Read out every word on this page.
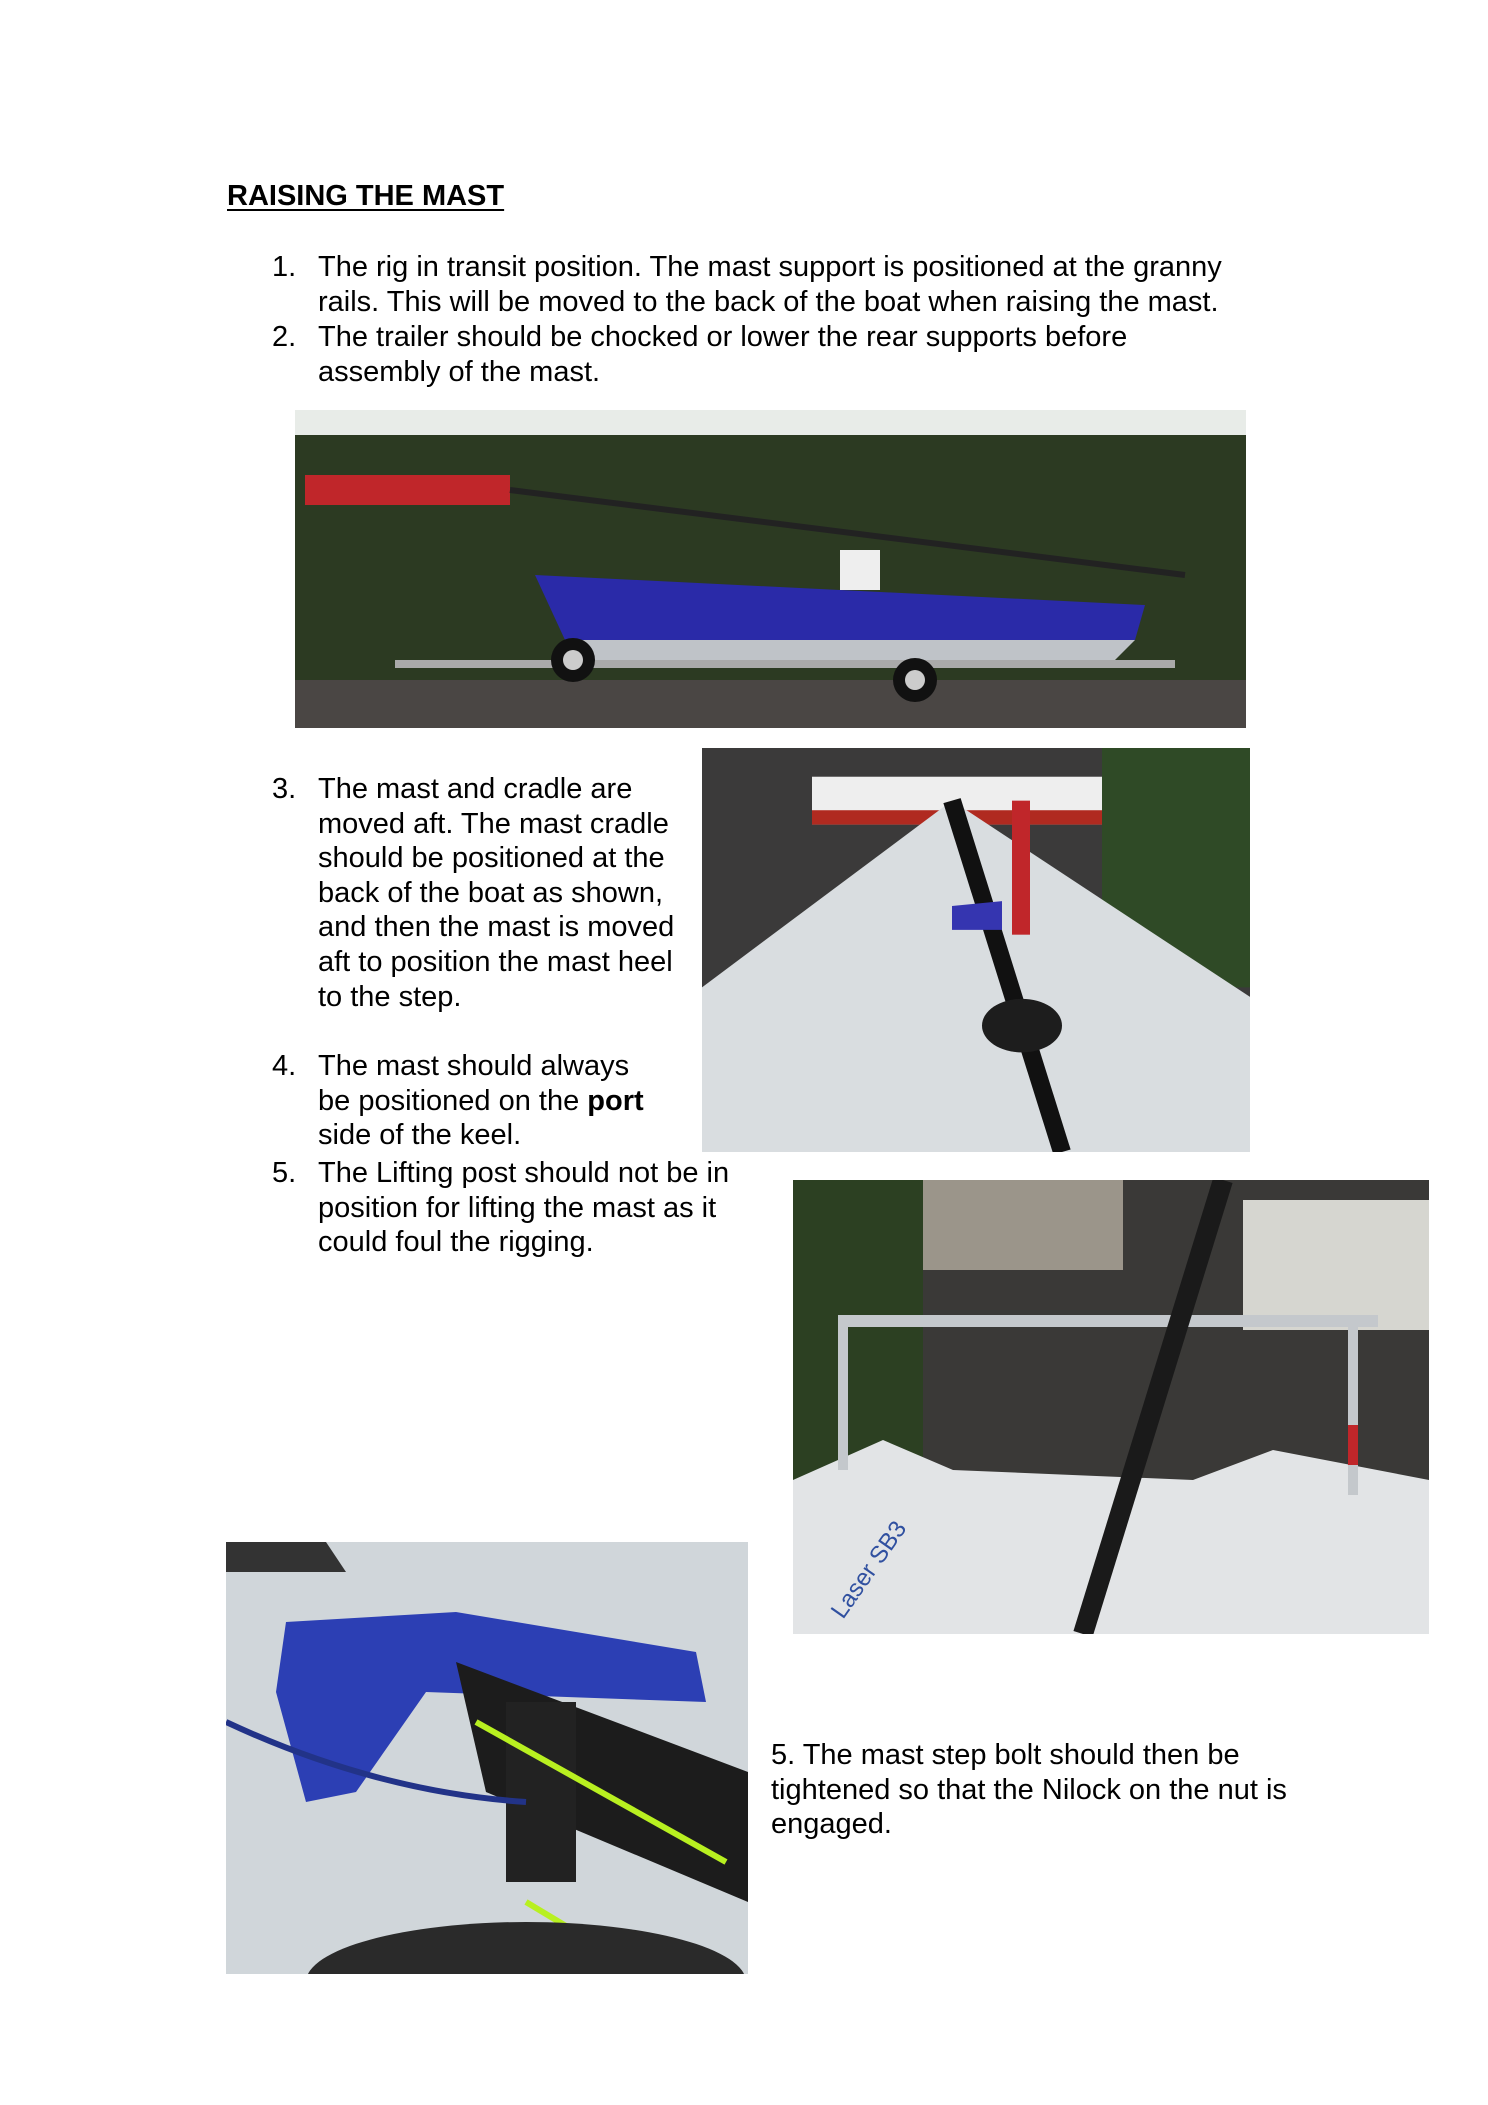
RAISING THE MAST
1. The rig in transit position. The mast support is positioned at the granny rails. This will be moved to the back of the boat when raising the mast.
2. The trailer should be chocked or lower the rear supports before assembly of the mast.
3. The mast and cradle are moved aft. The mast cradle should be positioned at the back of the boat as shown, and then the mast is moved aft to position the mast heel to the step.
4. The mast should always be positioned on the port side of the keel.
5. The Lifting post should not be in position for lifting the mast as it could foul the rigging.
Laser SB3
5. The mast step bolt should then be tightened so that the Nilock on the nut is engaged.
